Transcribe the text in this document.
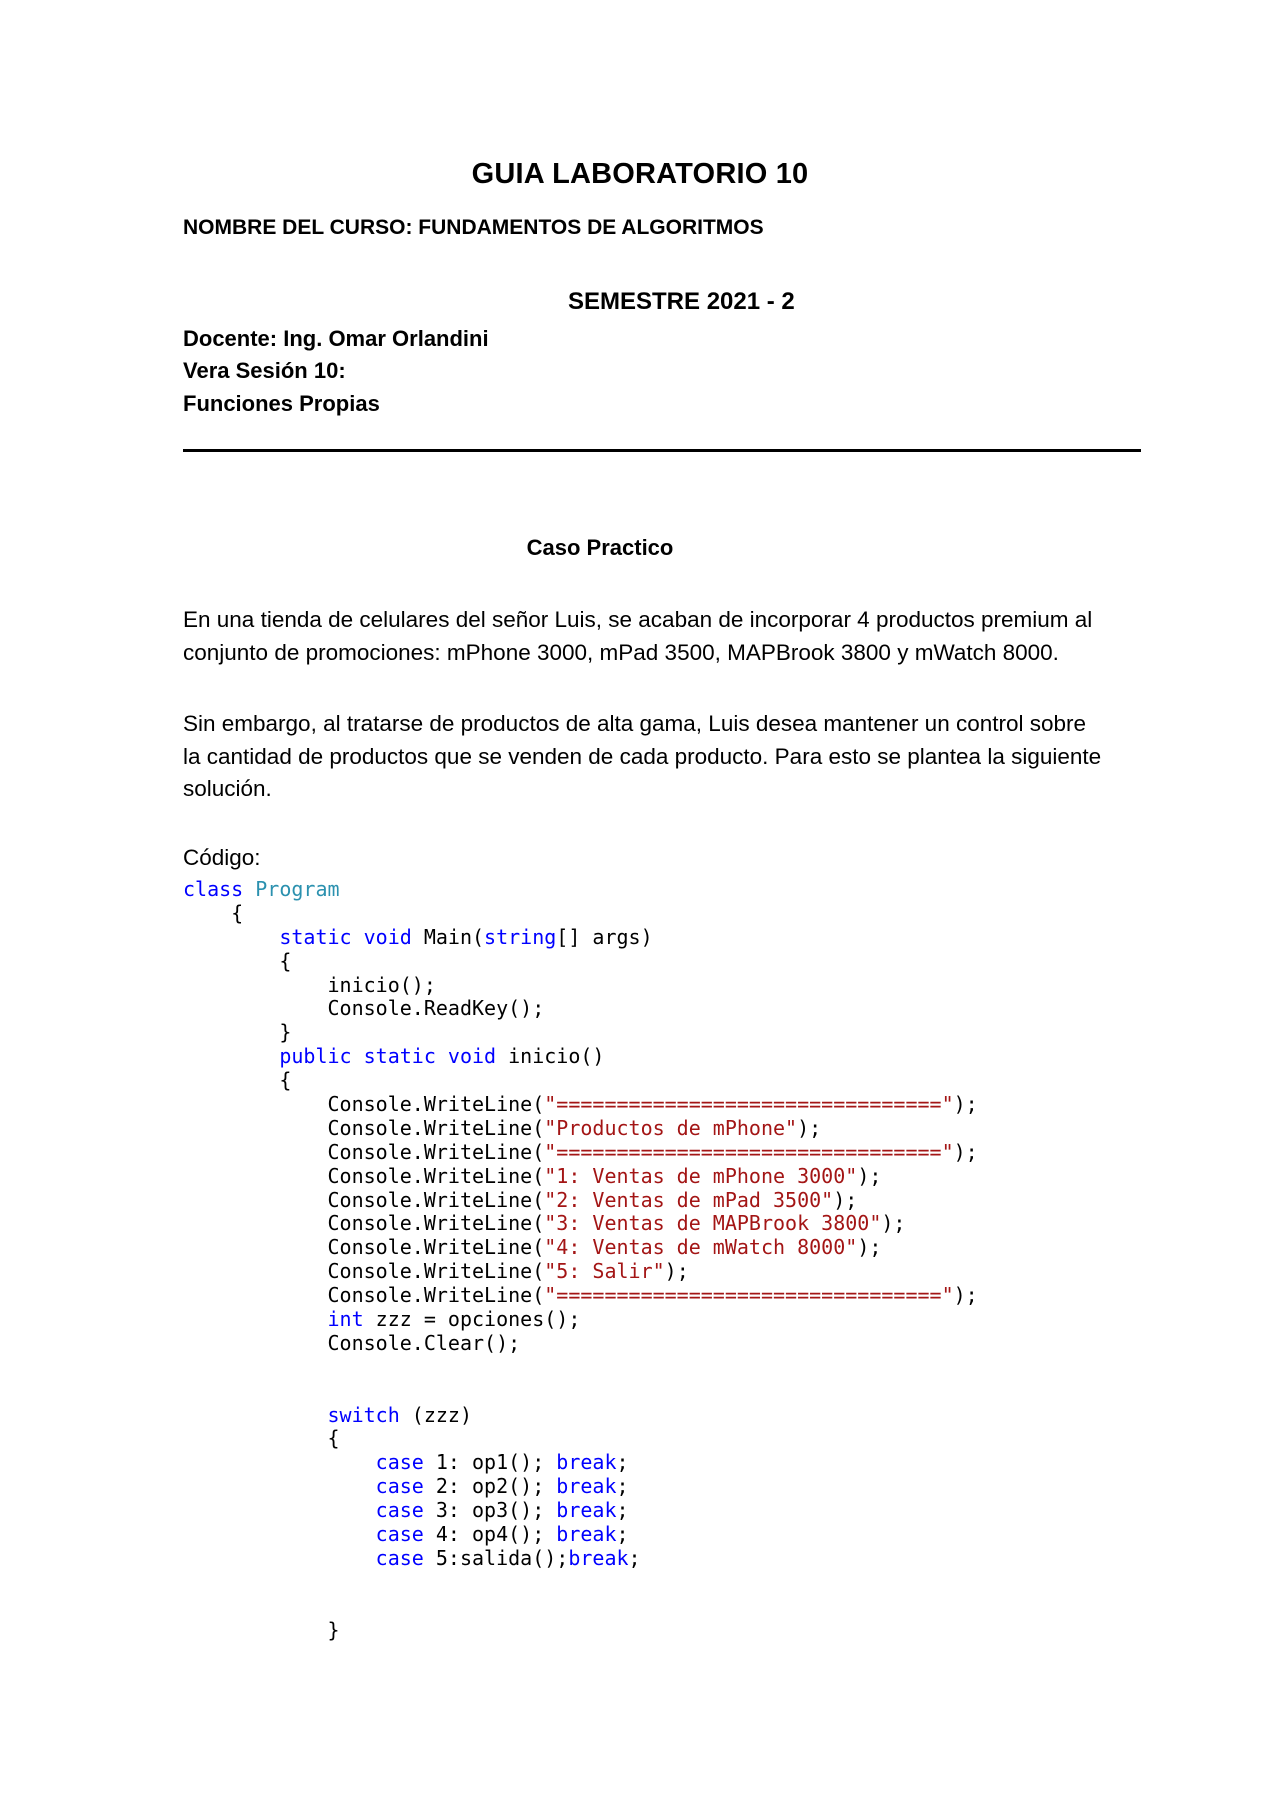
GUIA LABORATORIO 10
NOMBRE DEL CURSO: FUNDAMENTOS DE ALGORITMOS
SEMESTRE 2021 - 2
Docente: Ing. Omar Orlandini
Vera Sesión 10:
Funciones Propias
Caso Practico
En una tienda de celulares del señor Luis, se acaban de incorporar 4 productos premium al conjunto de promociones: mPhone 3000, mPad 3500, MAPBrook 3800 y mWatch 8000.
Sin embargo, al tratarse de productos de alta gama, Luis desea mantener un control sobre la cantidad de productos que se venden de cada producto. Para esto se plantea la siguiente solución.
Código:
class Program
{
static void Main(string[] args)
{
inicio();
Console.ReadKey();
}
public static void inicio()
{
Console.WriteLine("================================");
Console.WriteLine("Productos de mPhone");
Console.WriteLine("================================");
Console.WriteLine("1: Ventas de mPhone 3000");
Console.WriteLine("2: Ventas de mPad 3500");
Console.WriteLine("3: Ventas de MAPBrook 3800");
Console.WriteLine("4: Ventas de mWatch 8000");
Console.WriteLine("5: Salir");
Console.WriteLine("================================");
int zzz = opciones();
Console.Clear();
switch (zzz)
{
case 1: op1(); break;
case 2: op2(); break;
case 3: op3(); break;
case 4: op4(); break;
case 5:salida();break;
}
